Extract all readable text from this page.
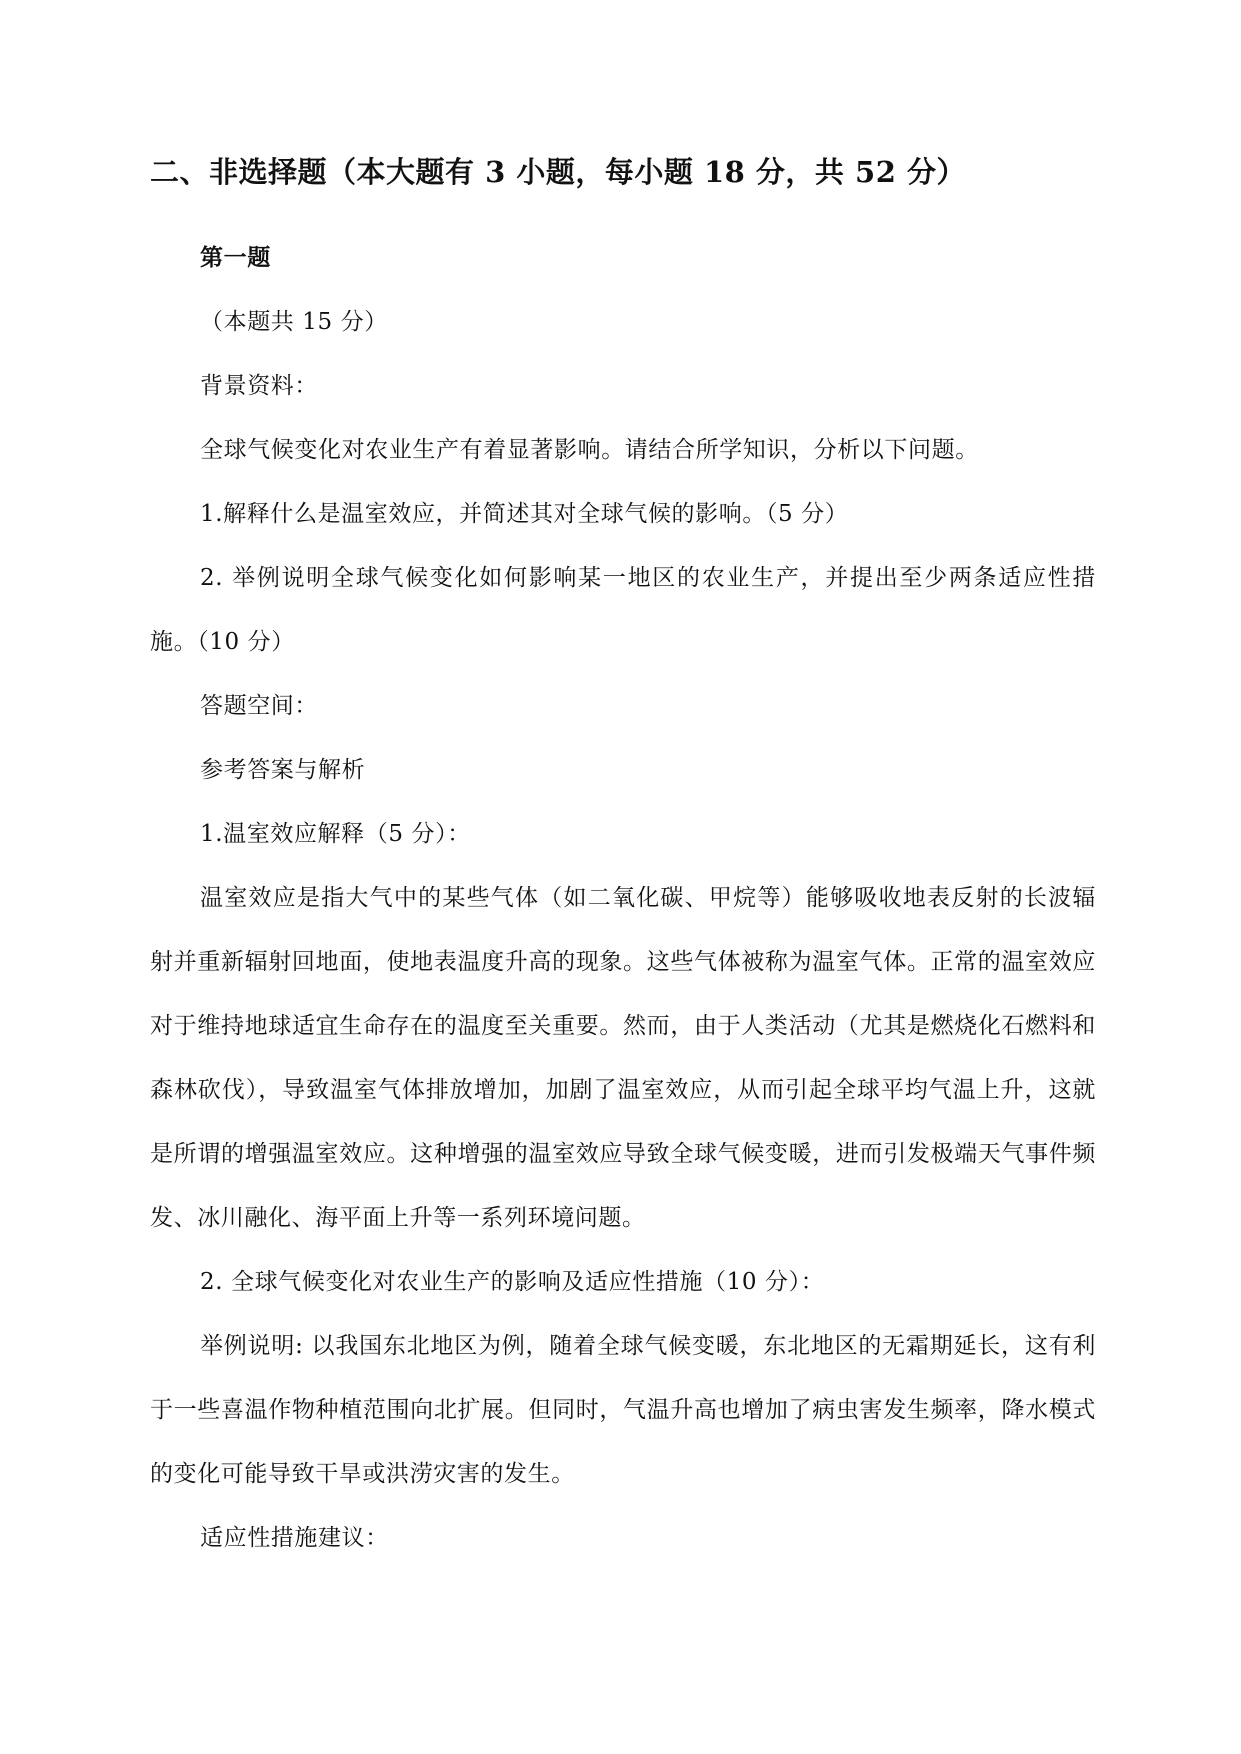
二、非选择题（本大题有 3 小题，每小题 18 分，共 52 分）

第一题

（本题共 15 分）

背景资料：

全球气候变化对农业生产有着显著影响。请结合所学知识，分析以下问题。

1.解释什么是温室效应，并简述其对全球气候的影响。（5 分）

2. 举例说明全球气候变化如何影响某一地区的农业生产，并提出至少两条适应性措施。（10 分）

答题空间：

参考答案与解析

1.温室效应解释（5 分）：

温室效应是指大气中的某些气体（如二氧化碳、甲烷等）能够吸收地表反射的长波辐射并重新辐射回地面，使地表温度升高的现象。这些气体被称为温室气体。正常的温室效应对于维持地球适宜生命存在的温度至关重要。然而，由于人类活动（尤其是燃烧化石燃料和森林砍伐），导致温室气体排放增加，加剧了温室效应，从而引起全球平均气温上升，这就是所谓的增强温室效应。这种增强的温室效应导致全球气候变暖，进而引发极端天气事件频发、冰川融化、海平面上升等一系列环境问题。

2. 全球气候变化对农业生产的影响及适应性措施（10 分）：

举例说明: 以我国东北地区为例，随着全球气候变暖，东北地区的无霜期延长，这有利于一些喜温作物种植范围向北扩展。但同时，气温升高也增加了病虫害发生频率，降水模式的变化可能导致干旱或洪涝灾害的发生。

适应性措施建议：
